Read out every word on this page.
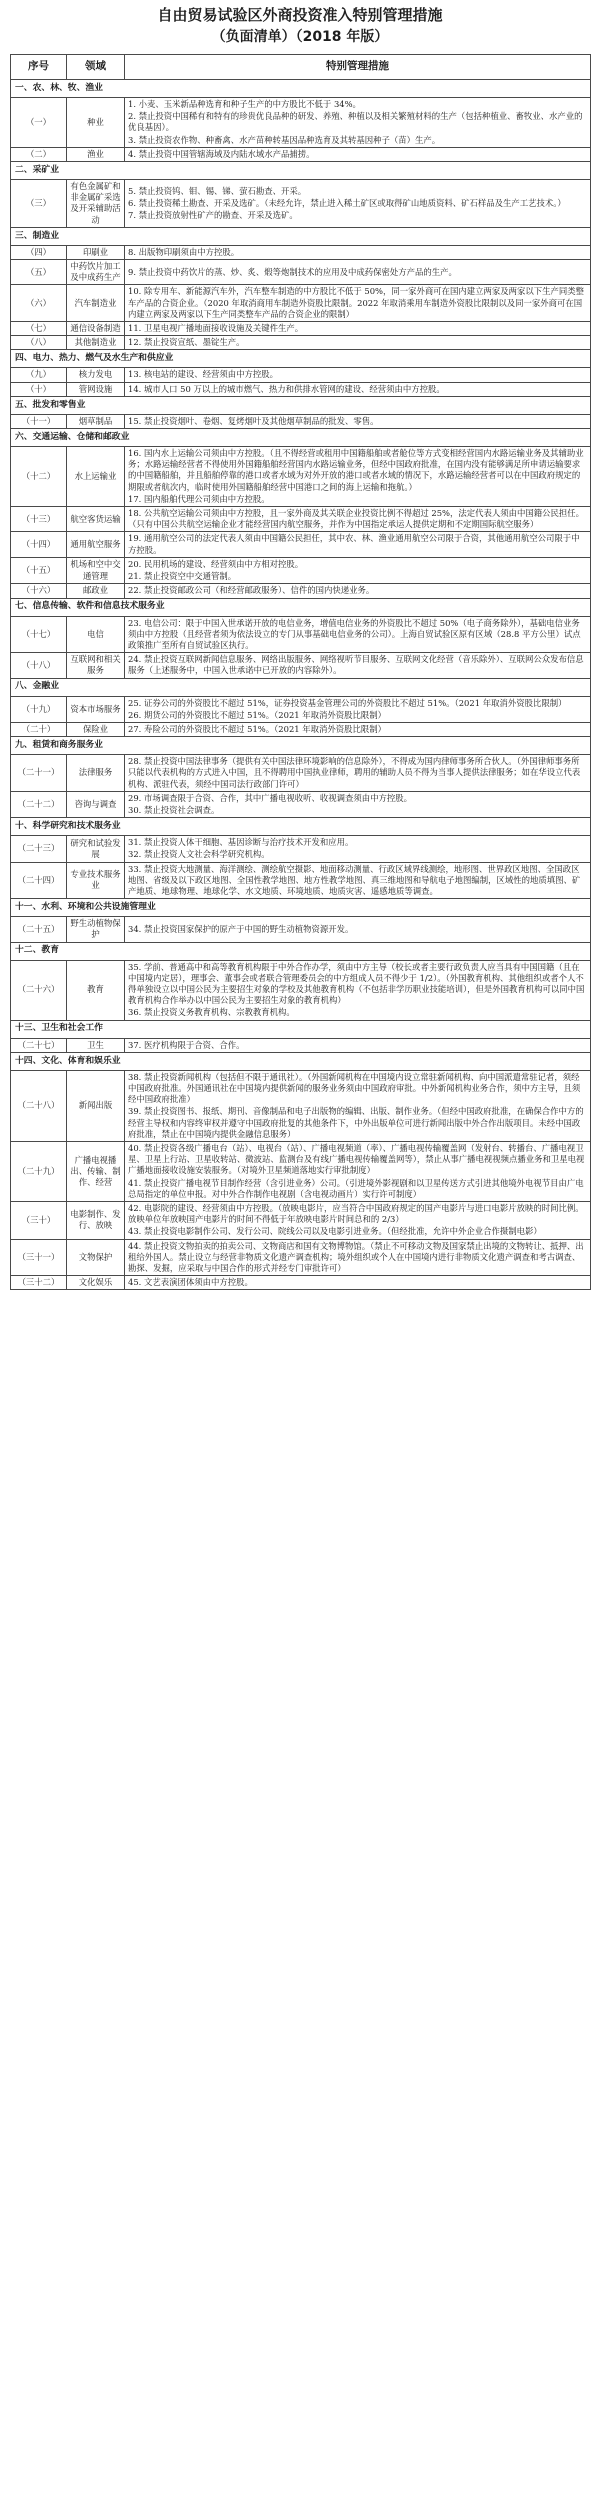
自由贸易试验区外商投资准入特别管理措施
（负面清单）（2018 年版）
序号	领域	特别管理措施
一、农、林、牧、渔业		
（一）	种业	1. 小麦、玉米新品种选育和种子生产的中方股比不低于 34%。
2. 禁止投资中国稀有和特有的珍贵优良品种的研发、养殖、种植以及相关繁殖材料的生产（包括种植业、畜牧业、水产业的优良基因）。
3. 禁止投资农作物、种畜禽、水产苗种转基因品种选育及其转基因种子（苗）生产。

（二）	渔业	4. 禁止投资中国管辖海域及内陆水域水产品捕捞。

二、采矿业		
（三）	有色金属矿和非金属矿采选及开采辅助活动	5. 禁止投资钨、钼、锡、锑、萤石勘查、开采。
6. 禁止投资稀土勘查、开采及选矿。（未经允许，禁止进入稀土矿区或取得矿山地质资料、矿石样品及生产工艺技术。）
7. 禁止投资放射性矿产的勘查、开采及选矿。

三、制造业		
（四）	印刷业	8. 出版物印刷须由中方控股。

（五）	中药饮片加工及中成药生产	9. 禁止投资中药饮片的蒸、炒、炙、煅等炮制技术的应用及中成药保密处方产品的生产。

（六）	汽车制造业	10. 除专用车、新能源汽车外，汽车整车制造的中方股比不低于 50%，同一家外商可在国内建立两家及两家以下生产同类整车产品的合资企业。（2020 年取消商用车制造外资股比限制。2022 年取消乘用车制造外资股比限制以及同一家外商可在国内建立两家及两家以下生产同类整车产品的合资企业的限制）

（七）	通信设备制造	11. 卫星电视广播地面接收设施及关键件生产。

（八）	其他制造业	12. 禁止投资宣纸、墨锭生产。

四、电力、热力、燃气及水生产和供应业		
（九）	核力发电	13. 核电站的建设、经营须由中方控股。

（十）	管网设施	14. 城市人口 50 万以上的城市燃气、热力和供排水管网的建设、经营须由中方控股。

五、批发和零售业		
（十一）	烟草制品	15. 禁止投资烟叶、卷烟、复烤烟叶及其他烟草制品的批发、零售。

六、交通运输、仓储和邮政业		
（十二）	水上运输业	16. 国内水上运输公司须由中方控股。（且不得经营或租用中国籍船舶或者舱位等方式变相经营国内水路运输业务及其辅助业务；水路运输经营者不得使用外国籍船舶经营国内水路运输业务，但经中国政府批准，在国内没有能够满足所申请运输要求的中国籍船舶，并且船舶停靠的港口或者水域为对外开放的港口或者水域的情况下，水路运输经营者可以在中国政府规定的期限或者航次内，临时使用外国籍船舶经营中国港口之间的海上运输和拖航。）
17. 国内船舶代理公司须由中方控股。

（十三）	航空客货运输	18. 公共航空运输公司须由中方控股，且一家外商及其关联企业投资比例不得超过 25%，法定代表人须由中国籍公民担任。（只有中国公共航空运输企业才能经营国内航空服务，并作为中国指定承运人提供定期和不定期国际航空服务）

（十四）	通用航空服务	19. 通用航空公司的法定代表人须由中国籍公民担任，其中农、林、渔业通用航空公司限于合资，其他通用航空公司限于中方控股。

（十五）	机场和空中交通管理	20. 民用机场的建设、经营须由中方相对控股。
21. 禁止投资空中交通管制。

（十六）	邮政业	22. 禁止投资邮政公司（和经营邮政服务）、信件的国内快递业务。

七、信息传输、软件和信息技术服务业		
（十七）	电信	23. 电信公司：限于中国入世承诺开放的电信业务，增值电信业务的外资股比不超过 50%（电子商务除外），基础电信业务须由中方控股（且经营者须为依法设立的专门从事基础电信业务的公司）。上海自贸试验区原有区域（28.8 平方公里）试点政策推广至所有自贸试验区执行。

（十八）	互联网和相关服务	24. 禁止投资互联网新闻信息服务、网络出版服务、网络视听节目服务、互联网文化经营（音乐除外）、互联网公众发布信息服务（上述服务中，中国入世承诺中已开放的内容除外）。

八、金融业		
（十九）	资本市场服务	25. 证券公司的外资股比不超过 51%，证券投资基金管理公司的外资股比不超过 51%。（2021 年取消外资股比限制）
26. 期货公司的外资股比不超过 51%。（2021 年取消外资股比限制）

（二十）	保险业	27. 寿险公司的外资股比不超过 51%。（2021 年取消外资股比限制）

九、租赁和商务服务业		
（二十一）	法律服务	28. 禁止投资中国法律事务（提供有关中国法律环境影响的信息除外），不得成为国内律师事务所合伙人。（外国律师事务所只能以代表机构的方式进入中国，且不得聘用中国执业律师，聘用的辅助人员不得为当事人提供法律服务；如在华设立代表机构、派驻代表，须经中国司法行政部门许可）

（二十二）	咨询与调查	29. 市场调查限于合资、合作，其中广播电视收听、收视调查须由中方控股。
30. 禁止投资社会调查。

十、科学研究和技术服务业		
（二十三）	研究和试验发展	31. 禁止投资人体干细胞、基因诊断与治疗技术开发和应用。
32. 禁止投资人文社会科学研究机构。

（二十四）	专业技术服务业	33. 禁止投资大地测量、海洋测绘、测绘航空摄影、地面移动测量、行政区域界线测绘，地形图、世界政区地图、全国政区地图、省级及以下政区地图、全国性教学地图、地方性教学地图、真三维地图和导航电子地图编制，区域性的地质填图、矿产地质、地球物理、地球化学、水文地质、环境地质、地质灾害、遥感地质等调查。

十一、水利、环境和公共设施管理业		
（二十五）	野生动植物保护	34. 禁止投资国家保护的原产于中国的野生动植物资源开发。

十二、教育		
（二十六）	教育	35. 学前、普通高中和高等教育机构限于中外合作办学，须由中方主导（校长或者主要行政负责人应当具有中国国籍（且在中国境内定居），理事会、董事会或者联合管理委员会的中方组成人员不得少于 1/2）。（外国教育机构、其他组织或者个人不得单独设立以中国公民为主要招生对象的学校及其他教育机构（不包括非学历职业技能培训），但是外国教育机构可以同中国教育机构合作举办以中国公民为主要招生对象的教育机构）
36. 禁止投资义务教育机构、宗教教育机构。

十三、卫生和社会工作		
（二十七）	卫生	37. 医疗机构限于合资、合作。

十四、文化、体育和娱乐业		
（二十八）	新闻出版	38. 禁止投资新闻机构（包括但不限于通讯社）。（外国新闻机构在中国境内设立常驻新闻机构、向中国派遣常驻记者，须经中国政府批准。外国通讯社在中国境内提供新闻的服务业务须由中国政府审批。中外新闻机构业务合作，须中方主导，且须经中国政府批准）
39. 禁止投资图书、报纸、期刊、音像制品和电子出版物的编辑、出版、制作业务。（但经中国政府批准，在确保合作中方的经营主导权和内容终审权并遵守中国政府批复的其他条件下，中外出版单位可进行新闻出版中外合作出版项目。未经中国政府批准，禁止在中国境内提供金融信息服务）

（二十九）	广播电视播出、传输、制作、经营	40. 禁止投资各级广播电台（站）、电视台（站）、广播电视频道（率）、广播电视传输覆盖网（发射台、转播台、广播电视卫星、卫星上行站、卫星收转站、微波站、监测台及有线广播电视传输覆盖网等），禁止从事广播电视视频点播业务和卫星电视广播地面接收设施安装服务。（对境外卫星频道落地实行审批制度）
41. 禁止投资广播电视节目制作经营（含引进业务）公司。（引进境外影视剧和以卫星传送方式引进其他境外电视节目由广电总局指定的单位申报。对中外合作制作电视剧（含电视动画片）实行许可制度）

（三十）	电影制作、发行、放映	42. 电影院的建设、经营须由中方控股。（放映电影片，应当符合中国政府规定的国产电影片与进口电影片放映的时间比例。放映单位年放映国产电影片的时间不得低于年放映电影片时间总和的 2/3）
43. 禁止投资电影制作公司、发行公司、院线公司以及电影引进业务。（但经批准，允许中外企业合作摄制电影）

（三十一）	文物保护	44. 禁止投资文物拍卖的拍卖公司、文物商店和国有文物博物馆。（禁止不可移动文物及国家禁止出境的文物转让、抵押、出租给外国人。禁止设立与经营非物质文化遗产调查机构；境外组织或个人在中国境内进行非物质文化遗产调查和考古调查、勘探、发掘，应采取与中国合作的形式并经专门审批许可）

（三十二）	文化娱乐	45. 文艺表演团体须由中方控股。
